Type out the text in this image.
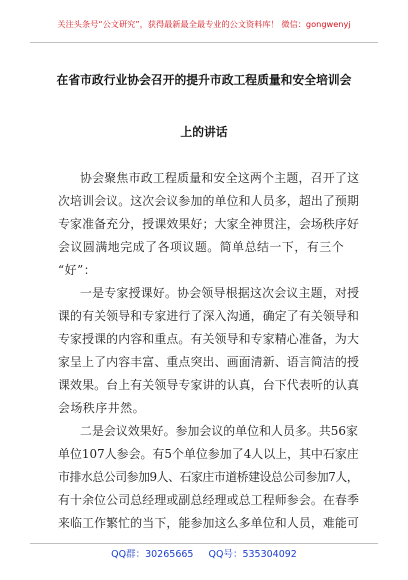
关注头条号“公文研究”，获得最新最全最专业的公文资料库！ 微信：gongwenyj
在省市政行业协会召开的提升市政工程质量和安全培训会
上的讲话
协会聚焦市政工程质量和安全这两个主题，召开了这
次培训会议。这次会议参加的单位和人员多，超出了预期
专家准备充分，授课效果好；大家全神贯注，会场秩序好
会议圆满地完成了各项议题。简单总结一下，有三个
“好”：
一是专家授课好。协会领导根据这次会议主题，对授
课的有关领导和专家进行了深入沟通，确定了有关领导和
专家授课的内容和重点。有关领导和专家精心准备，为大
家呈上了内容丰富、重点突出、画面清新、语言简洁的授
课效果。台上有关领导专家讲的认真，台下代表听的认真
会场秩序井然。
二是会议效果好。参加会议的单位和人员多。共56家
单位107人参会。有5个单位参加了4人以上，其中石家庄
市排水总公司参加9人、石家庄市道桥建设总公司参加7人，
有十余位公司总经理或副总经理或总工程师参会。在春季
来临工作繁忙的当下，能参加这么多单位和人员，难能可
QQ群：30265665 QQ号：535304092
